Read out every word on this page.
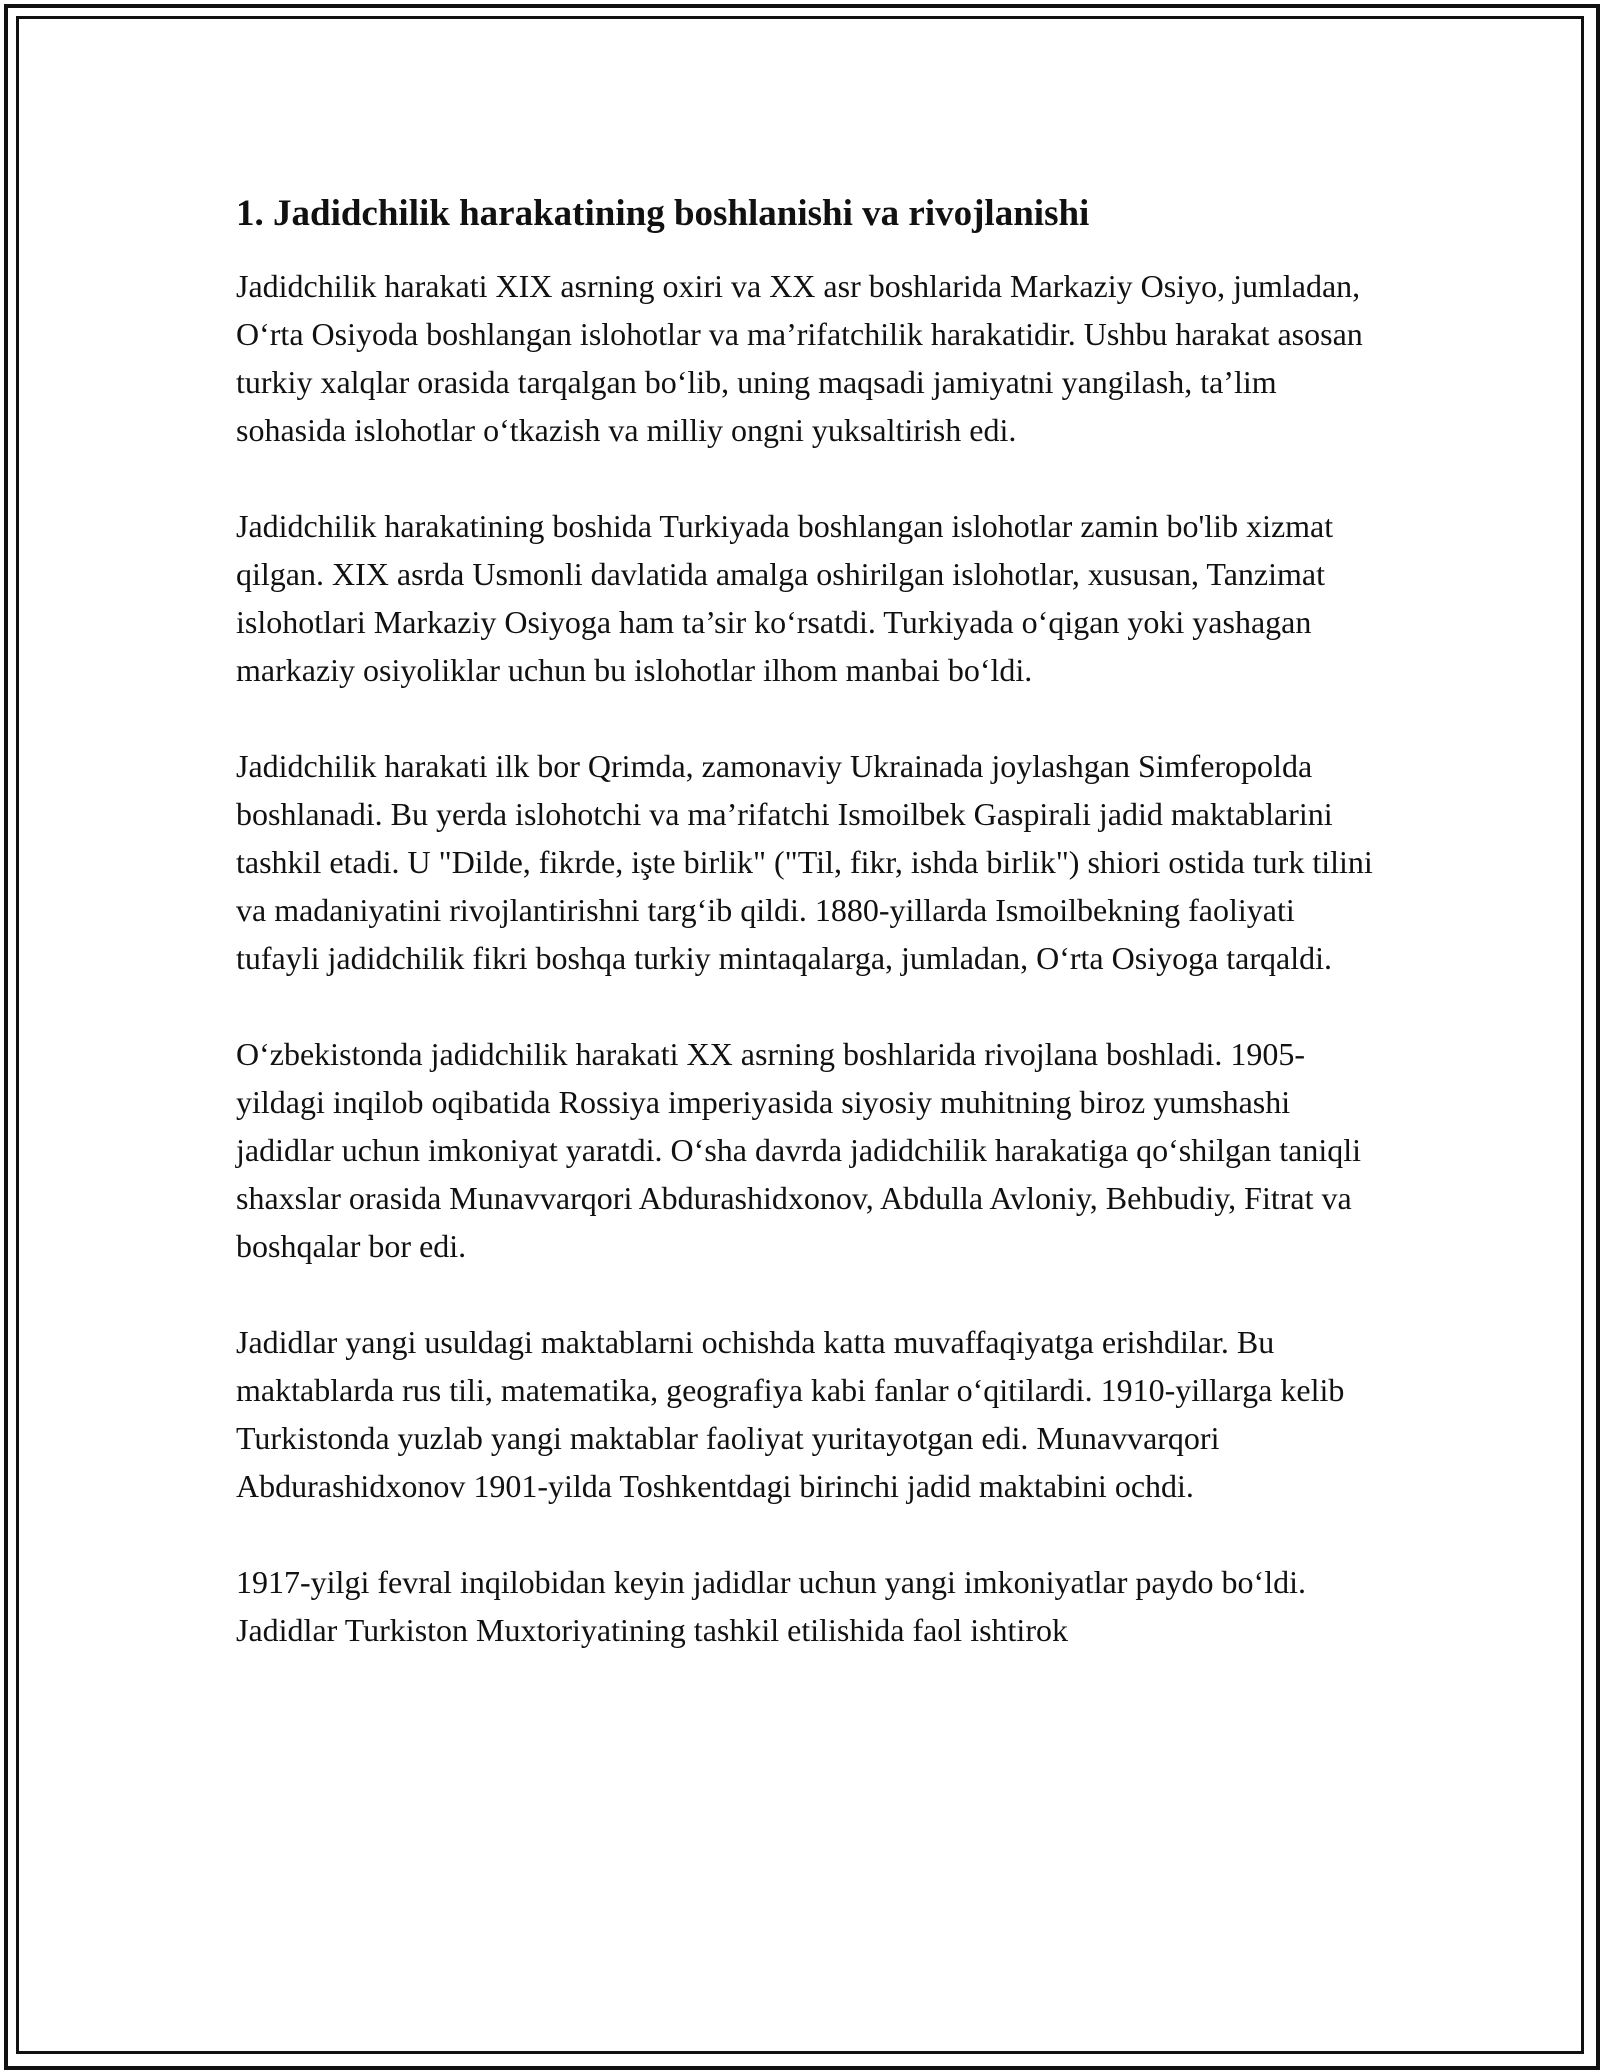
1. Jadidchilik harakatining boshlanishi va rivojlanishi

Jadidchilik harakati XIX asrning oxiri va XX asr boshlarida Markaziy Osiyo, jumladan, O‘rta Osiyoda boshlangan islohotlar va ma’rifatchilik harakatidir. Ushbu harakat asosan turkiy xalqlar orasida tarqalgan bo‘lib, uning maqsadi jamiyatni yangilash, ta’lim sohasida islohotlar o‘tkazish va milliy ongni yuksaltirish edi.

Jadidchilik harakatining boshida Turkiyada boshlangan islohotlar zamin bo'lib xizmat qilgan. XIX asrda Usmonli davlatida amalga oshirilgan islohotlar, xususan, Tanzimat islohotlari Markaziy Osiyoga ham ta’sir ko‘rsatdi. Turkiyada o‘qigan yoki yashagan markaziy osiyoliklar uchun bu islohotlar ilhom manbai bo‘ldi.

Jadidchilik harakati ilk bor Qrimda, zamonaviy Ukrainada joylashgan Simferopolda boshlanadi. Bu yerda islohotchi va ma’rifatchi Ismoilbek Gaspirali jadid maktablarini tashkil etadi. U "Dilde, fikrde, işte birlik" ("Til, fikr, ishda birlik") shiori ostida turk tilini va madaniyatini rivojlantirishni targ‘ib qildi. 1880-yillarda Ismoilbekning faoliyati tufayli jadidchilik fikri boshqa turkiy mintaqalarga, jumladan, O‘rta Osiyoga tarqaldi.

O‘zbekistonda jadidchilik harakati XX asrning boshlarida rivojlana boshladi. 1905-yildagi inqilob oqibatida Rossiya imperiyasida siyosiy muhitning biroz yumshashi jadidlar uchun imkoniyat yaratdi. O‘sha davrda jadidchilik harakatiga qo‘shilgan taniqli shaxslar orasida Munavvarqori Abdurashidxonov, Abdulla Avloniy, Behbudiy, Fitrat va boshqalar bor edi.

Jadidlar yangi usuldagi maktablarni ochishda katta muvaffaqiyatga erishdilar. Bu maktablarda rus tili, matematika, geografiya kabi fanlar o‘qitilardi. 1910-yillarga kelib Turkistonda yuzlab yangi maktablar faoliyat yuritayotgan edi. Munavvarqori Abdurashidxonov 1901-yilda Toshkentdagi birinchi jadid maktabini ochdi.

1917-yilgi fevral inqilobidan keyin jadidlar uchun yangi imkoniyatlar paydo bo‘ldi. Jadidlar Turkiston Muxtoriyatining tashkil etilishida faol ishtirok
